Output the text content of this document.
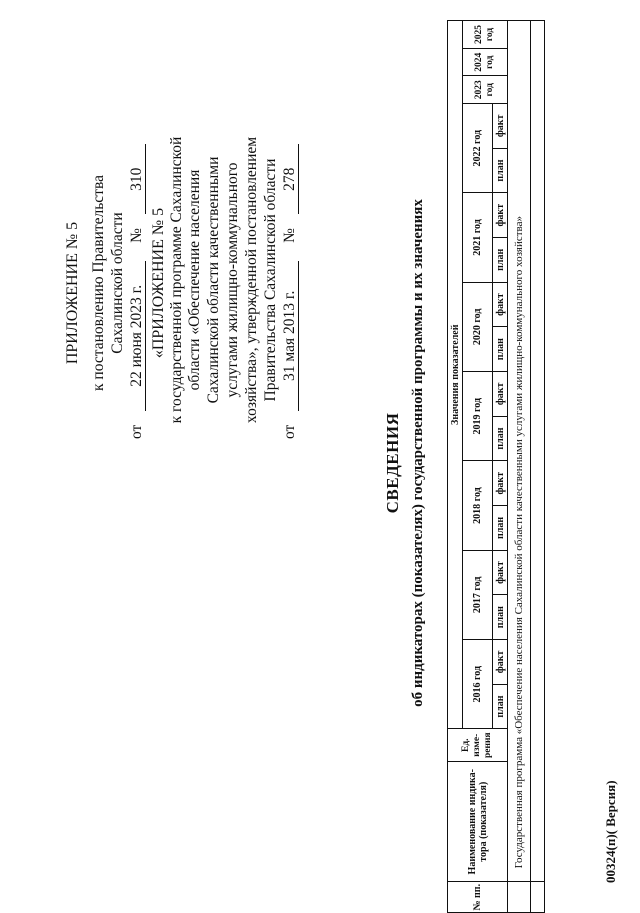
ПРИЛОЖЕНИЕ № 5 к постановлению Правительства Сахалинской области
от 22 июня 2023 г. № 310
«ПРИЛОЖЕНИЕ № 5 к государственной программе Сахалинской области «Обеспечение населения Сахалинской области качественными услугами жилищно-коммунального хозяйства», утвержденной постановлением Правительства Сахалинской области
от 31 мая 2013 г. № 278
СВЕДЕНИЯ об индикаторах (показателях) государственной программы и их значениях
№ пп.	Наименование индика-тора (показателя)	Ед. изме-рения	Значения показателей																
			2016 год		2017 год		2018 год		2019 год		2020 год		2021 год		2022 год		2023 год	2024 год	2025 год
			план	факт	план	факт	план	факт	план	факт	план	факт	план	факт	план	факт			
	Государственная программа «Обеспечение населения Сахалинской области качественными услугами жилищно-коммунального хозяйства»																		
		00324(п)( Версия)
